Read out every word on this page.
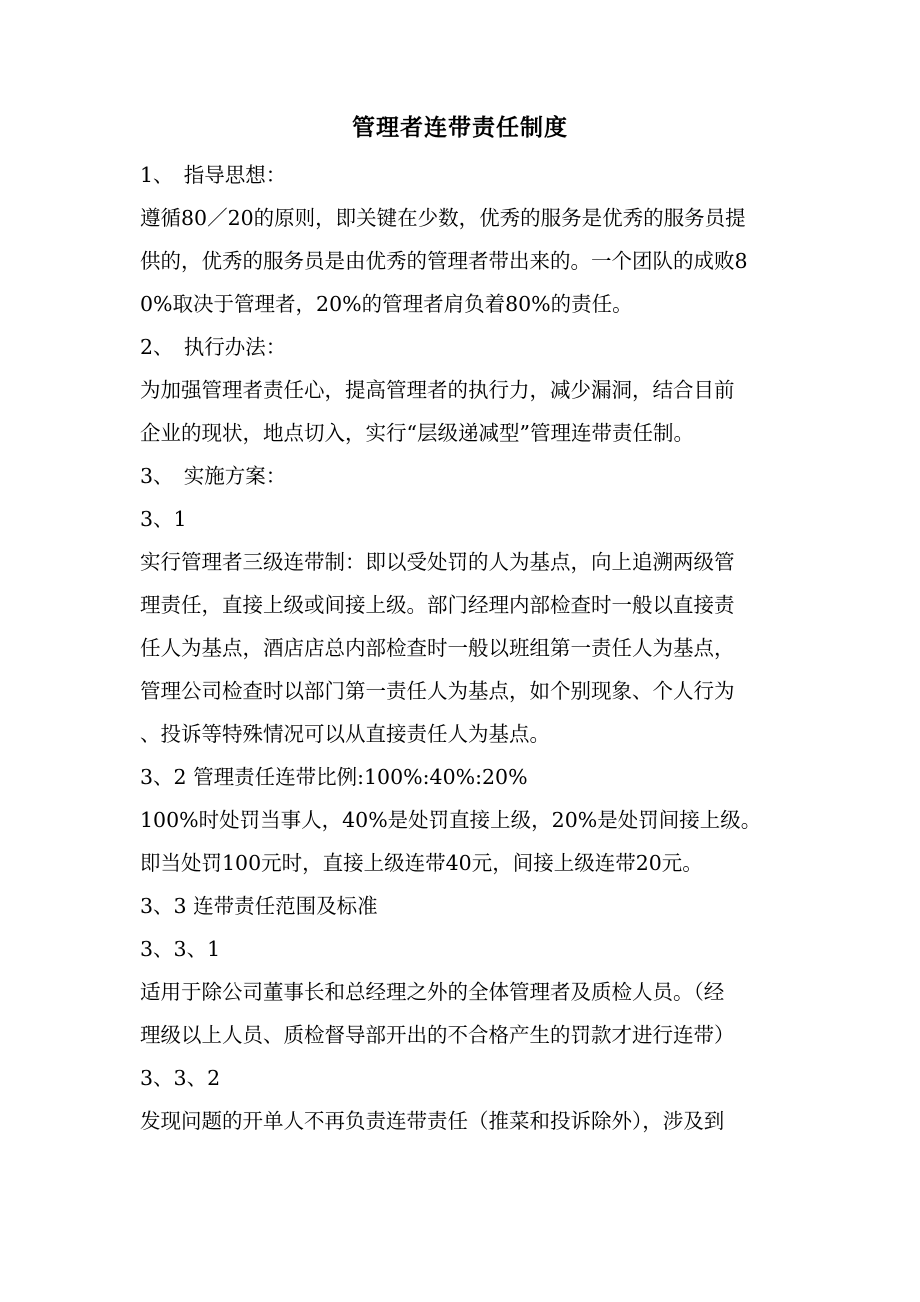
管理者连带责任制度
1、　指导思想：
遵循80／20的原则，即关键在少数，优秀的服务是优秀的服务员提
供的，优秀的服务员是由优秀的管理者带出来的。一个团队的成败8
0%取决于管理者，20%的管理者肩负着80%的责任。
2、　执行办法：
为加强管理者责任心，提高管理者的执行力，减少漏洞，结合目前
企业的现状，地点切入，实行“层级递减型”管理连带责任制。
3、　实施方案：
3、1
实行管理者三级连带制：即以受处罚的人为基点，向上追溯两级管
理责任，直接上级或间接上级。部门经理内部检查时一般以直接责
任人为基点，酒店店总内部检查时一般以班组第一责任人为基点，
管理公司检查时以部门第一责任人为基点，如个别现象、个人行为
、投诉等特殊情况可以从直接责任人为基点。
3、2 管理责任连带比例:100%:40%:20%
100%时处罚当事人，40%是处罚直接上级，20%是处罚间接上级。
即当处罚100元时，直接上级连带40元，间接上级连带20元。
3、3 连带责任范围及标准
3、3、1
适用于除公司董事长和总经理之外的全体管理者及质检人员。（经
理级以上人员、质检督导部开出的不合格产生的罚款才进行连带）
3、3、2
发现问题的开单人不再负责连带责任（推菜和投诉除外），涉及到
